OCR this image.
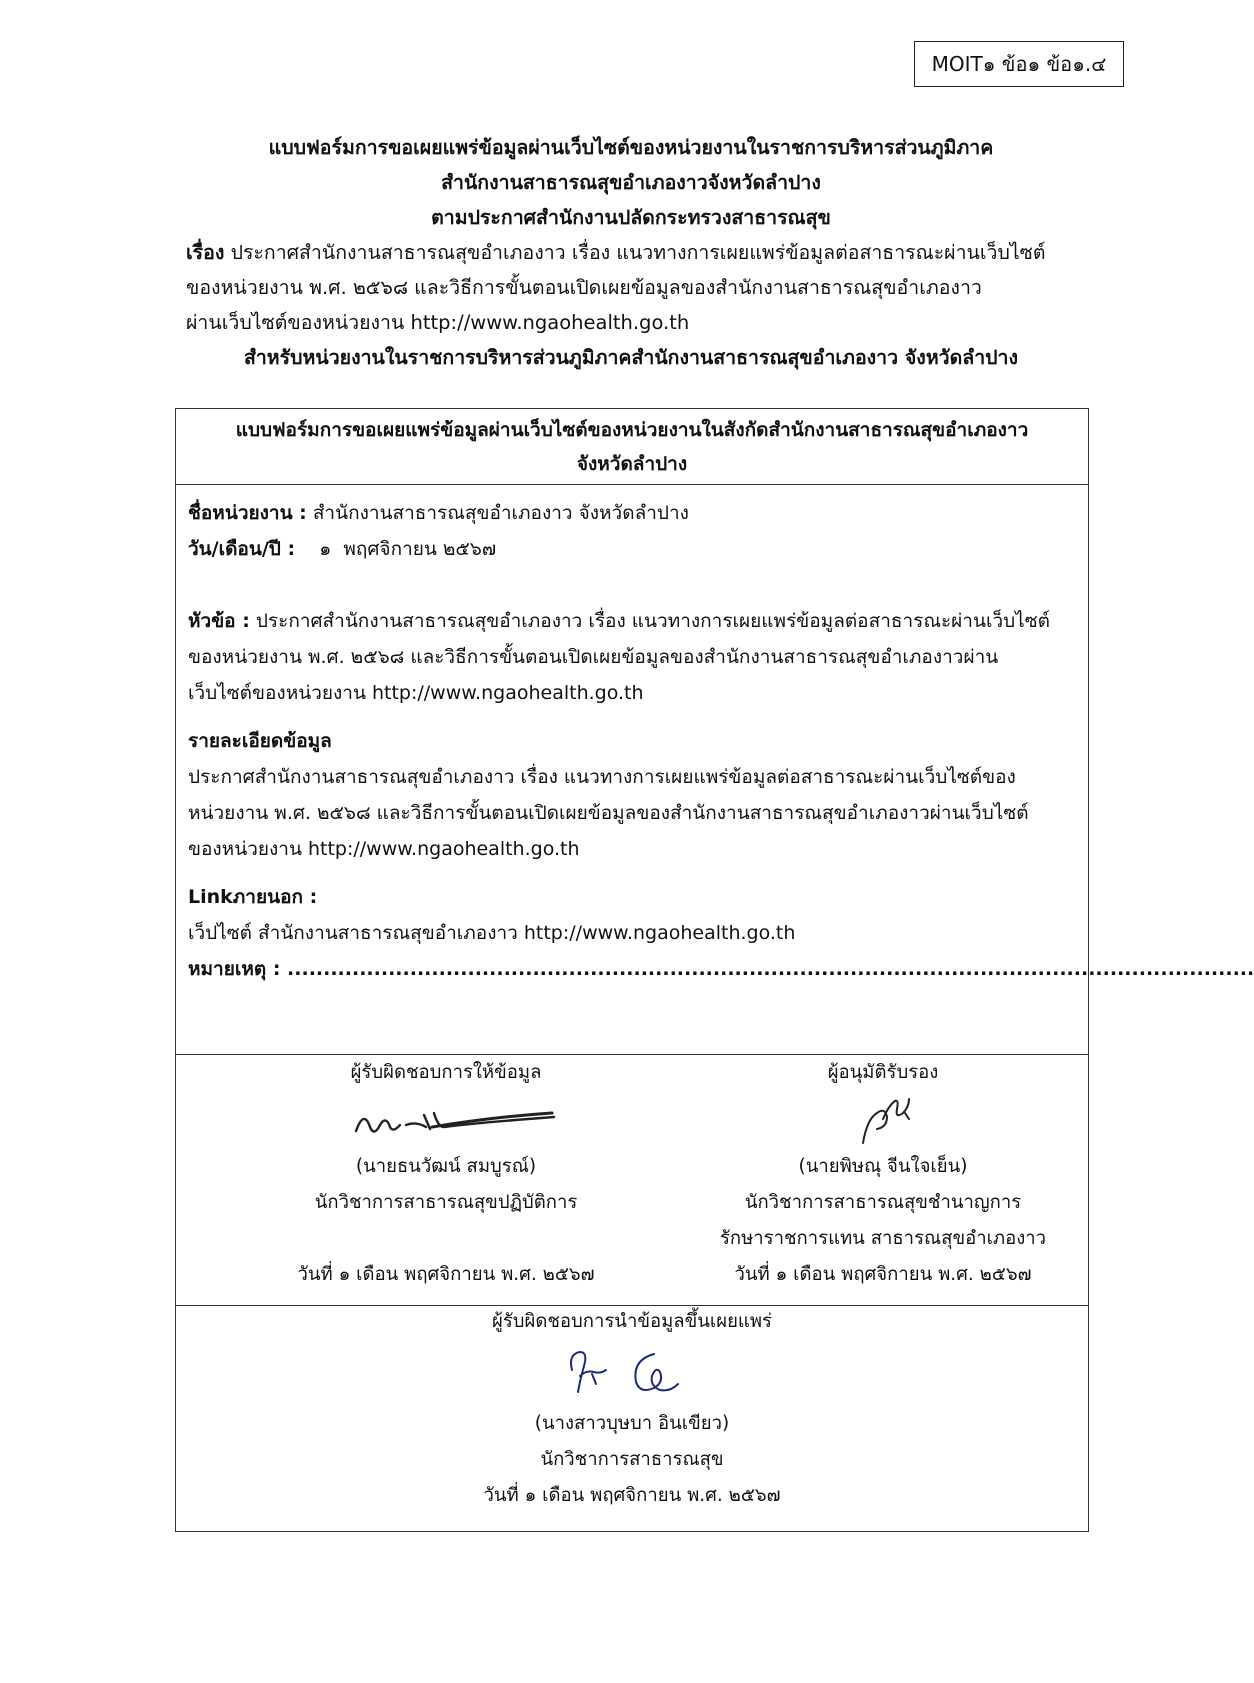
MOIT๑ ข้อ๑ ข้อ๑.๔
แบบฟอร์มการขอเผยแพร่ข้อมูลผ่านเว็บไซต์ของหน่วยงานในราชการบริหารส่วนภูมิภาค
สำนักงานสาธารณสุขอำเภองาวจังหวัดลำปาง
ตามประกาศสำนักงานปลัดกระทรวงสาธารณสุข
เรื่อง ประกาศสำนักงานสาธารณสุขอำเภองาว เรื่อง แนวทางการเผยแพร่ข้อมูลต่อสาธารณะผ่านเว็บไซต์
ของหน่วยงาน พ.ศ. ๒๕๖๘ และวิธีการขั้นตอนเปิดเผยข้อมูลของสำนักงานสาธารณสุขอำเภองาว
ผ่านเว็บไซต์ของหน่วยงาน http://www.ngaohealth.go.th
สำหรับหน่วยงานในราชการบริหารส่วนภูมิภาคสำนักงานสาธารณสุขอำเภองาว จังหวัดลำปาง
แบบฟอร์มการขอเผยแพร่ข้อมูลผ่านเว็บไซต์ของหน่วยงานในสังกัดสำนักงานสาธารณสุขอำเภองาว
จังหวัดลำปาง
ชื่อหน่วยงาน : สำนักงานสาธารณสุขอำเภองาว จังหวัดลำปาง
วัน/เดือน/ปี :    ๑  พฤศจิกายน ๒๕๖๗
หัวข้อ : ประกาศสำนักงานสาธารณสุขอำเภองาว เรื่อง แนวทางการเผยแพร่ข้อมูลต่อสาธารณะผ่านเว็บไซต์
ของหน่วยงาน พ.ศ. ๒๕๖๘ และวิธีการขั้นตอนเปิดเผยข้อมูลของสำนักงานสาธารณสุขอำเภองาวผ่าน
เว็บไซต์ของหน่วยงาน http://www.ngaohealth.go.th
รายละเอียดข้อมูล
ประกาศสำนักงานสาธารณสุขอำเภองาว เรื่อง แนวทางการเผยแพร่ข้อมูลต่อสาธารณะผ่านเว็บไซต์ของ
หน่วยงาน พ.ศ. ๒๕๖๘ และวิธีการขั้นตอนเปิดเผยข้อมูลของสำนักงานสาธารณสุขอำเภองาวผ่านเว็บไซต์
ของหน่วยงาน http://www.ngaohealth.go.th
Linkภายนอก :
เว็ปไซต์ สำนักงานสาธารณสุขอำเภองาว http://www.ngaohealth.go.th
หมายเหตุ : ......................................................................................................................................
ผู้รับผิดชอบการให้ข้อมูล
(นายธนวัฒน์ สมบูรณ์)
นักวิชาการสาธารณสุขปฏิบัติการ
วันที่ ๑ เดือน พฤศจิกายน พ.ศ. ๒๕๖๗
ผู้อนุมัติรับรอง
(นายพิษณุ จีนใจเย็น)
นักวิชาการสาธารณสุขชำนาญการ
รักษาราชการแทน สาธารณสุขอำเภองาว
วันที่ ๑ เดือน พฤศจิกายน พ.ศ. ๒๕๖๗
ผู้รับผิดชอบการนำข้อมูลขึ้นเผยแพร่
(นางสาวบุษบา อินเขียว)
นักวิชาการสาธารณสุข
วันที่ ๑ เดือน พฤศจิกายน พ.ศ. ๒๕๖๗
